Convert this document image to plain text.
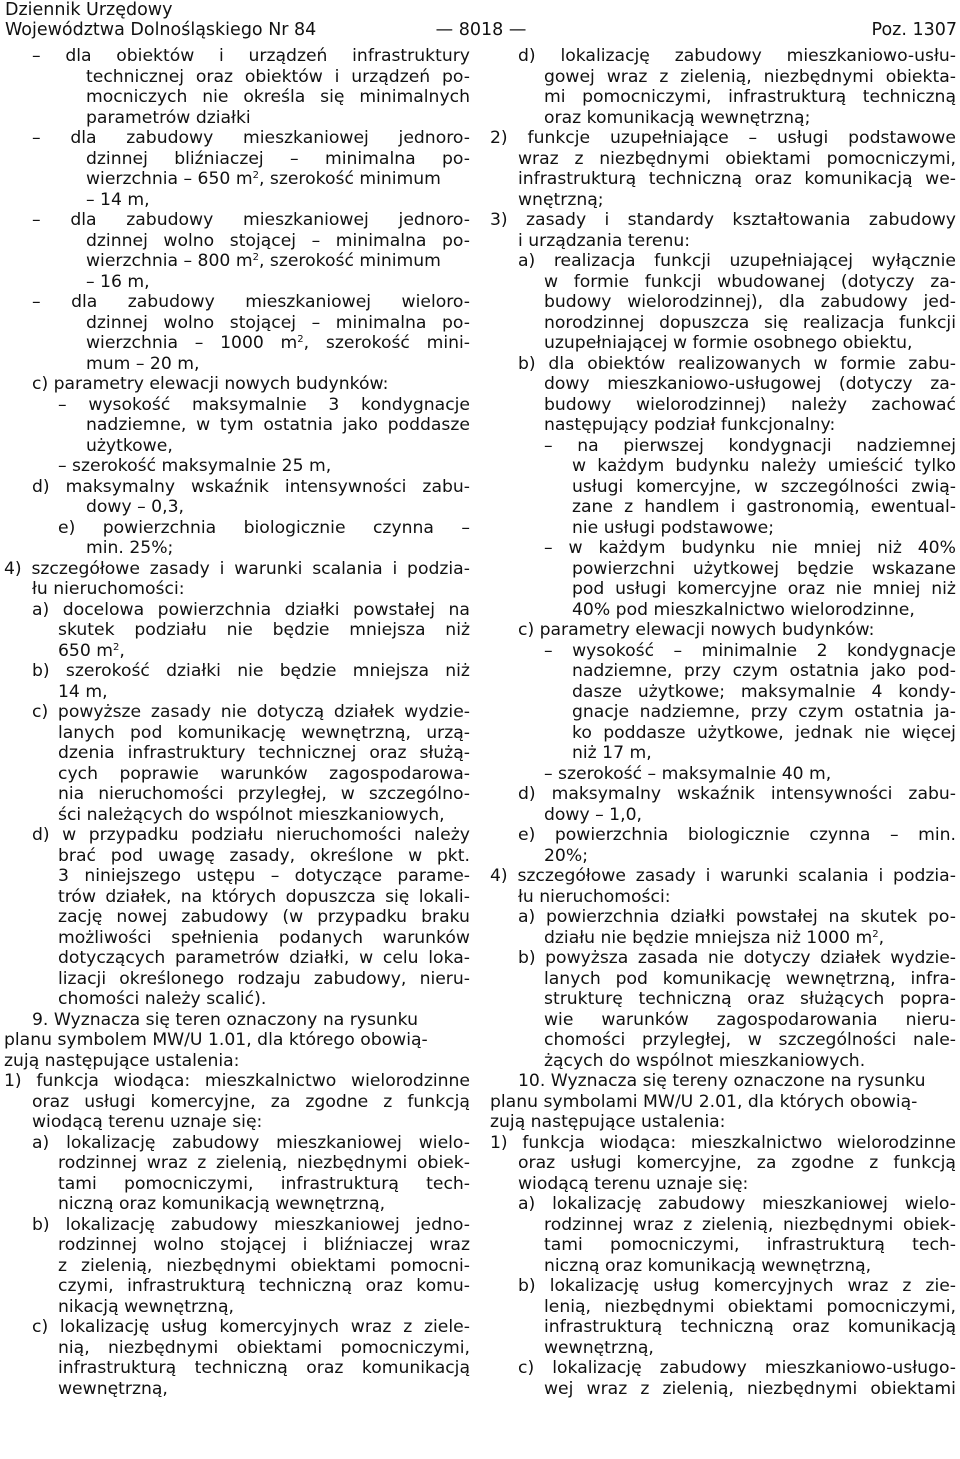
Dziennik Urzędowy
Województwa Dolnośląskiego Nr 84	— 8018 —	Poz. 1307
– dla obiektów i urządzeń infrastruktury
technicznej oraz obiektów i urządzeń po-
mocniczych nie określa się minimalnych
parametrów działki
– dla zabudowy mieszkaniowej jednoro-
dzinnej bliźniaczej – minimalna po-
wierzchnia – 650 $m^2$, szerokość minimum
– 14 m,
– dla zabudowy mieszkaniowej jednoro-
dzinnej wolno stojącej – minimalna po-
wierzchnia – 800 $m^2$, szerokość minimum
– 16 m,
– dla zabudowy mieszkaniowej wieloro-
dzinnej wolno stojącej – minimalna po-
wierzchnia – 1000 $m^2$, szerokość mini-
mum – 20 m,
c) parametry elewacji nowych budynków:
– wysokość maksymalnie 3 kondygnacje
nadziemne, w tym ostatnia jako poddasze
użytkowe,
– szerokość maksymalnie 25 m,
d) maksymalny wskaźnik intensywności zabu-
dowy – 0,3,
e) powierzchnia biologicznie czynna –
min. 25%;
4) szczegółowe zasady i warunki scalania i podzia-
łu nieruchomości:
a) docelowa powierzchnia działki powstałej na
skutek podziału nie będzie mniejsza niż
650 $m^2$,
b) szerokość działki nie będzie mniejsza niż
14 m,
c) powyższe zasady nie dotyczą działek wydzie-
lanych pod komunikację wewnętrzną, urzą-
dzenia infrastruktury technicznej oraz służą-
cych poprawie warunków zagospodarowa-
nia nieruchomości przyległej, w szczególno-
ści należących do wspólnot mieszkaniowych,
d) w przypadku podziału nieruchomości należy
brać pod uwagę zasady, określone w pkt.
3 niniejszego ustępu – dotyczące parame-
trów działek, na których dopuszcza się lokali-
zację nowej zabudowy (w przypadku braku
możliwości spełnienia podanych warunków
dotyczących parametrów działki, w celu loka-
lizacji określonego rodzaju zabudowy, nieru-
chomości należy scalić).
9. Wyznacza się teren oznaczony na rysunku
planu symbolem MW/U 1.01, dla którego obowią-
zują następujące ustalenia:
1) funkcja wiodąca: mieszkalnictwo wielorodzinne
oraz usługi komercyjne, za zgodne z funkcją
wiodącą terenu uznaje się:
a) lokalizację zabudowy mieszkaniowej wielo-
rodzinnej wraz z zielenią, niezbędnymi obiek-
tami pomocniczymi, infrastrukturą tech-
niczną oraz komunikacją wewnętrzną,
b) lokalizację zabudowy mieszkaniowej jedno-
rodzinnej wolno stojącej i bliźniaczej wraz
z zielenią, niezbędnymi obiektami pomocni-
czymi, infrastrukturą techniczną oraz komu-
nikacją wewnętrzną,
c) lokalizację usług komercyjnych wraz z ziele-
nią, niezbędnymi obiektami pomocniczymi,
infrastrukturą techniczną oraz komunikacją
wewnętrzną,
d) lokalizację zabudowy mieszkaniowo-usłu-
gowej wraz z zielenią, niezbędnymi obiekta-
mi pomocniczymi, infrastrukturą techniczną
oraz komunikacją wewnętrzną;
2) funkcje uzupełniające – usługi podstawowe
wraz z niezbędnymi obiektami pomocniczymi,
infrastrukturą techniczną oraz komunikacją we-
wnętrzną;
3) zasady i standardy kształtowania zabudowy
i urządzania terenu:
a) realizacja funkcji uzupełniającej wyłącznie
w formie funkcji wbudowanej (dotyczy za-
budowy wielorodzinnej), dla zabudowy jed-
norodzinnej dopuszcza się realizacja funkcji
uzupełniającej w formie osobnego obiektu,
b) dla obiektów realizowanych w formie zabu-
dowy mieszkaniowo-usługowej (dotyczy za-
budowy wielorodzinnej) należy zachować
następujący podział funkcjonalny:
– na pierwszej kondygnacji nadziemnej
w każdym budynku należy umieścić tylko
usługi komercyjne, w szczególności zwią-
zane z handlem i gastronomią, ewentual-
nie usługi podstawowe;
– w każdym budynku nie mniej niż 40%
powierzchni użytkowej będzie wskazane
pod usługi komercyjne oraz nie mniej niż
40% pod mieszkalnictwo wielorodzinne,
c) parametry elewacji nowych budynków:
– wysokość – minimalnie 2 kondygnacje
nadziemne, przy czym ostatnia jako pod-
dasze użytkowe; maksymalnie 4 kondy-
gnacje nadziemne, przy czym ostatnia ja-
ko poddasze użytkowe, jednak nie więcej
niż 17 m,
– szerokość – maksymalnie 40 m,
d) maksymalny wskaźnik intensywności zabu-
dowy – 1,0,
e) powierzchnia biologicznie czynna – min.
20%;
4) szczegółowe zasady i warunki scalania i podzia-
łu nieruchomości:
a) powierzchnia działki powstałej na skutek po-
działu nie będzie mniejsza niż 1000 $m^2$,
b) powyższa zasada nie dotyczy działek wydzie-
lanych pod komunikację wewnętrzną, infra-
strukturę techniczną oraz służących popra-
wie warunków zagospodarowania nieru-
chomości przyległej, w szczególności nale-
żących do wspólnot mieszkaniowych.
10. Wyznacza się tereny oznaczone na rysunku
planu symbolami MW/U 2.01, dla których obowią-
zują następujące ustalenia:
1) funkcja wiodąca: mieszkalnictwo wielorodzinne
oraz usługi komercyjne, za zgodne z funkcją
wiodącą terenu uznaje się:
a) lokalizację zabudowy mieszkaniowej wielo-
rodzinnej wraz z zielenią, niezbędnymi obiek-
tami pomocniczymi, infrastrukturą tech-
niczną oraz komunikacją wewnętrzną,
b) lokalizację usług komercyjnych wraz z zie-
lenią, niezbędnymi obiektami pomocniczymi,
infrastrukturą techniczną oraz komunikacją
wewnętrzną,
c) lokalizację zabudowy mieszkaniowo-usługo-
wej wraz z zielenią, niezbędnymi obiektami
